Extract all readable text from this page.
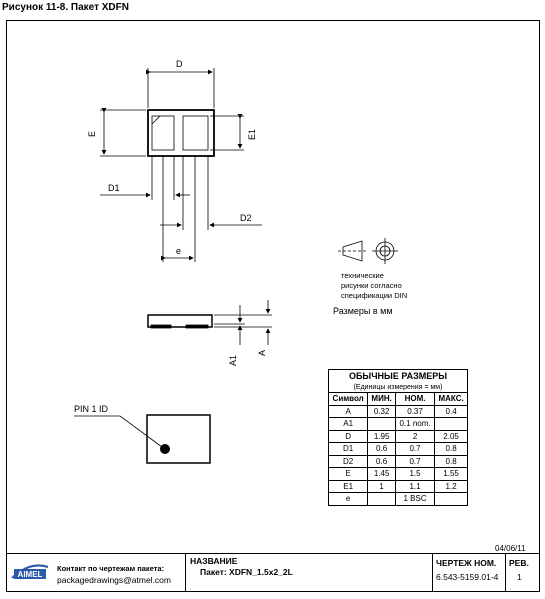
Рисунок 11-8. Пакет XDFN
D
E	E1
D1
D2
e
A1
A
PIN 1 ID
технические
рисунки согласно
спецификации DIN
Размеры в мм
ОБЫЧНЫЕ РАЗМЕРЫ			
(Единицы измерения = мм)			
Символ	МИН.	НОМ.	МАКС.
A	0.32	0.37	0.4
A1		0.1 nom.	
D	1.95	2	2.05
D1	0.6	0.7	0.8
D2	0.6	0.7	0.8
E	1.45	1.5	1.55
E1	1	1.1	1.2
e		1 BSC	
04/06/11
AIMEL
Контакт по чертежам пакета:
packagedrawings@atmel.com
НАЗВАНИЕ
Пакет: XDFN_1.5x2_2L
ЧЕРТЕЖ НОМ.
6.543-5159.01-4
РЕВ.
1
